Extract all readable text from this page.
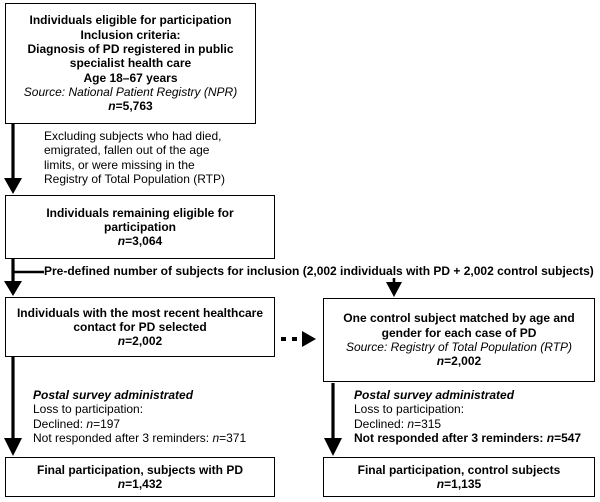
Individuals eligible for participation
Inclusion criteria:
Diagnosis of PD registered in public
specialist health care
Age 18–67 years
Source: National Patient Registry (NPR)
n=5,763
Excluding subjects who had died,
emigrated, fallen out of the age
limits, or were missing in the
Registry of Total Population (RTP)
Individuals remaining eligible for
participation
n=3,064
Pre-defined number of subjects for inclusion (2,002 individuals with PD + 2,002 control subjects)
Individuals with the most recent healthcare
contact for PD selected
n=2,002
One control subject matched by age and
gender for each case of PD
Source: Registry of Total Population (RTP)
n=2,002
Postal survey administrated
Loss to participation:
Declined: n=197
Not responded after 3 reminders: n=371
Postal survey administrated
Loss to participation:
Declined: n=315
Not responded after 3 reminders: n=547
Final participation, subjects with PD
n=1,432
Final participation, control subjects
n=1,135
